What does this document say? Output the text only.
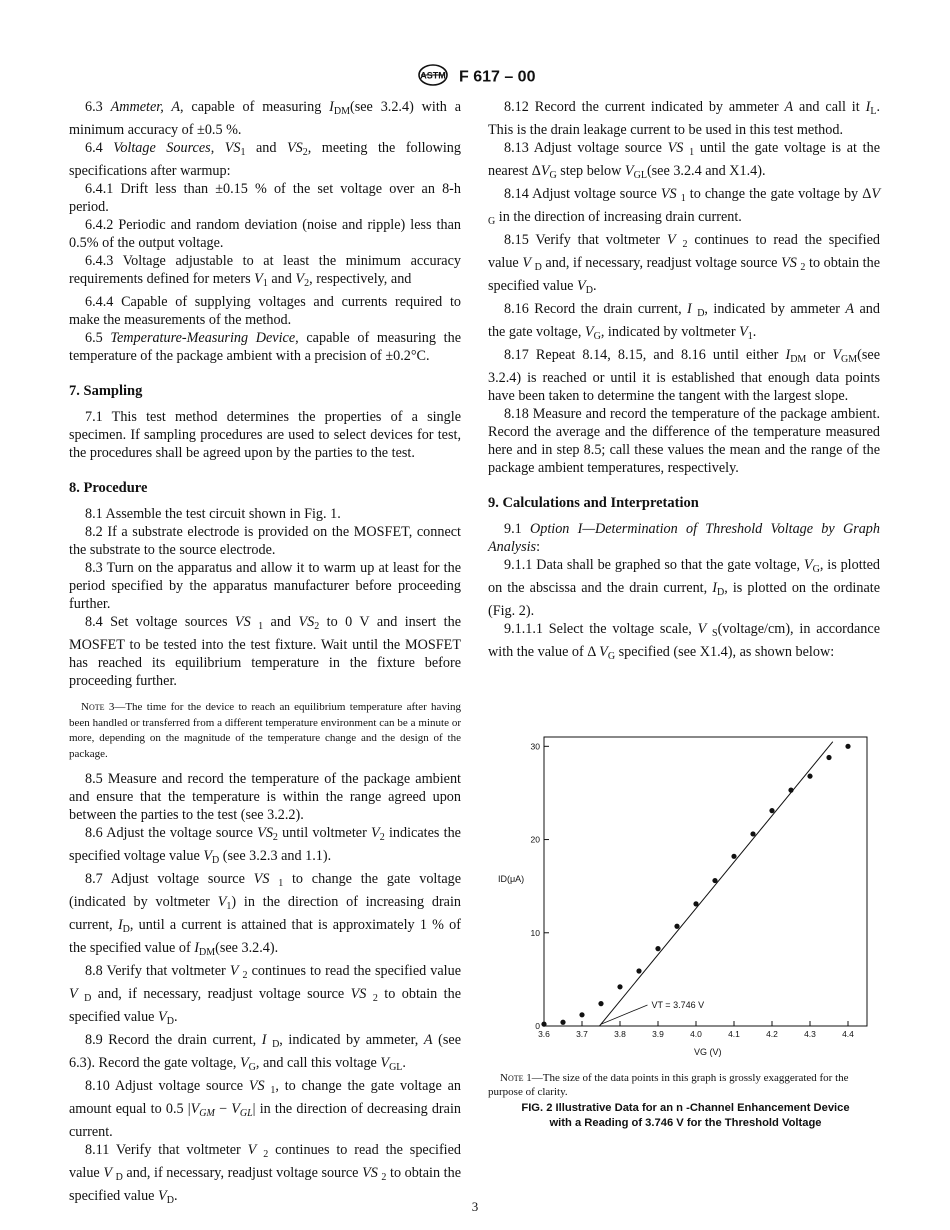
ASTM F 617 – 00

6.3 Ammeter, A, capable of measuring $I_{DM}(see$ 3.2.4) with a minimum accuracy of ±0.5 %.

6.4 Voltage Sources, $VS_1$ and $VS_2$, meeting the following specifications after warmup:

6.4.1 Drift less than ±0.15 % of the set voltage over an 8-h period.

6.4.2 Periodic and random deviation (noise and ripple) less than 0.5% of the output voltage.

6.4.3 Voltage adjustable to at least the minimum accuracy requirements defined for meters $V_1$ and $V_2$, respectively, and

6.4.4 Capable of supplying voltages and currents required to make the measurements of the method.

6.5 Temperature-Measuring Device, capable of measuring the temperature of the package ambient with a precision of ±0.2°C.

7. Sampling

7.1 This test method determines the properties of a single specimen. If sampling procedures are used to select devices for test, the procedures shall be agreed upon by the parties to the test.

8. Procedure

8.1 Assemble the test circuit shown in Fig. 1.

8.2 If a substrate electrode is provided on the MOSFET, connect the substrate to the source electrode.

8.3 Turn on the apparatus and allow it to warm up at least for the period specified by the apparatus manufacturer before proceeding further.

8.4 Set voltage sources VS $_1$ and $VS_2$ to 0 V and insert the MOSFET to be tested into the test fixture. Wait until the MOSFET has reached its equilibrium temperature in the fixture before proceeding further.

Note 3—The time for the device to reach an equilibrium temperature after having been handled or transferred from a different temperature environment can be a minute or more, depending on the magnitude of the temperature change and the design of the package.

8.5 Measure and record the temperature of the package ambient and ensure that the temperature is within the range agreed upon between the parties to the test (see 3.2.2).

8.6 Adjust the voltage source $VS_2$ until voltmeter $V_2$ indicates the specified voltage value $V_D$ (see 3.2.3 and 1.1).

8.7 Adjust voltage source VS $_1$ to change the gate voltage (indicated by voltmeter $V_1$) in the direction of increasing drain current, $I_D$, until a current is attained that is approximately 1 % of the specified value of $I_{DM}(see$ 3.2.4).

8.8 Verify that voltmeter V $_2$ continues to read the specified value V $_D$ and, if necessary, readjust voltage source VS $_2$ to obtain the specified value $V_D$.

8.9 Record the drain current, I $_D$, indicated by ammeter, A (see 6.3). Record the gate voltage, $V_G$, and call this voltage $V_{GL}$.

8.10 Adjust voltage source VS $_1$, to change the gate voltage an amount equal to 0.5 $|V_{GM} - V_{GL}|$ in the direction of decreasing drain current.

8.11 Verify that voltmeter V $_2$ continues to read the specified value V $_D$ and, if necessary, readjust voltage source VS $_2$ to obtain the specified value $V_D$.

8.12 Record the current indicated by ammeter A and call it $I_L$. This is the drain leakage current to be used in this test method.

8.13 Adjust voltage source VS $_1$ until the gate voltage is at the nearest $\Delta V_G$ step below $V_{GL}(see$ 3.2.4 and X1.4).

8.14 Adjust voltage source VS $_1$ to change the gate voltage by ΔV $_G$ in the direction of increasing drain current.

8.15 Verify that voltmeter V $_2$ continues to read the specified value V $_D$ and, if necessary, readjust voltage source VS $_2$ to obtain the specified value $V_D$.

8.16 Record the drain current, I $_D$, indicated by ammeter A and the gate voltage, $V_G$, indicated by voltmeter $V_1$.

8.17 Repeat 8.14, 8.15, and 8.16 until either $I_{DM}$ or $V_{GM}(see$ 3.2.4) is reached or until it is established that enough data points have been taken to determine the tangent with the largest slope.

8.18 Measure and record the temperature of the package ambient. Record the average and the difference of the temperature measured here and in step 8.5; call these values the mean and the range of the package ambient temperatures, respectively.

9. Calculations and Interpretation

9.1 Option I—Determination of Threshold Voltage by Graph Analysis:

9.1.1 Data shall be graphed so that the gate voltage, $V_G$, is plotted on the abscissa and the drain current, $I_D$, is plotted on the ordinate (Fig. 2).

9.1.1.1 Select the voltage scale, V $_S$(voltage/cm), in accordance with the value of Δ $V_G$ specified (see X1.4), as shown below:

0
10
20
30
3.6	3.7	3.8	3.9	4.0	4.1	4.2	4.3	4.4
VT = 3.746 V
ID(μA)
VG (V)

Note 1—The size of the data points in this graph is grossly exaggerated for the purpose of clarity.

FIG. 2 Illustrative Data for an n -Channel Enhancement Device
with a Reading of 3.746 V for the Threshold Voltage
3
